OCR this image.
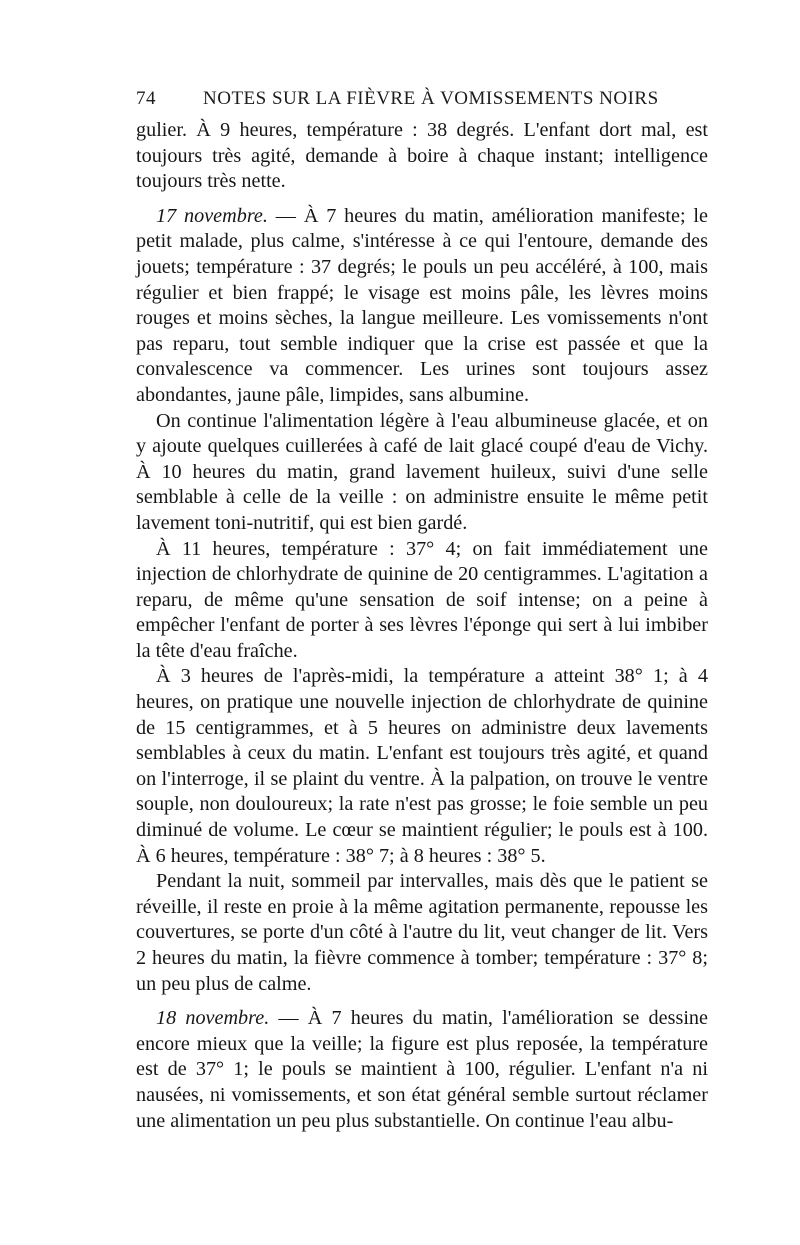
74 NOTES SUR LA FIÈVRE À VOMISSEMENTS NOIRS

gulier. À 9 heures, température : 38 degrés. L'enfant dort mal, est toujours très agité, demande à boire à chaque instant; intelligence toujours très nette.

17 novembre. — À 7 heures du matin, amélioration manifeste; le petit malade, plus calme, s'intéresse à ce qui l'entoure, demande des jouets; température : 37 degrés; le pouls un peu accéléré, à 100, mais régulier et bien frappé; le visage est moins pâle, les lèvres moins rouges et moins sèches, la langue meilleure. Les vomissements n'ont pas reparu, tout semble indiquer que la crise est passée et que la convalescence va commencer. Les urines sont toujours assez abondantes, jaune pâle, limpides, sans albumine.

On continue l'alimentation légère à l'eau albumineuse glacée, et on y ajoute quelques cuillerées à café de lait glacé coupé d'eau de Vichy. À 10 heures du matin, grand lavement huileux, suivi d'une selle semblable à celle de la veille : on administre ensuite le même petit lavement toni-nutritif, qui est bien gardé.

À 11 heures, température : 37° 4; on fait immédiatement une injection de chlorhydrate de quinine de 20 centigrammes. L'agitation a reparu, de même qu'une sensation de soif intense; on a peine à empêcher l'enfant de porter à ses lèvres l'éponge qui sert à lui imbiber la tête d'eau fraîche.

À 3 heures de l'après-midi, la température a atteint 38° 1; à 4 heures, on pratique une nouvelle injection de chlorhydrate de quinine de 15 centigrammes, et à 5 heures on administre deux lavements semblables à ceux du matin. L'enfant est toujours très agité, et quand on l'interroge, il se plaint du ventre. À la palpation, on trouve le ventre souple, non douloureux; la rate n'est pas grosse; le foie semble un peu diminué de volume. Le cœur se maintient régulier; le pouls est à 100. À 6 heures, température : 38° 7; à 8 heures : 38° 5.

Pendant la nuit, sommeil par intervalles, mais dès que le patient se réveille, il reste en proie à la même agitation permanente, repousse les couvertures, se porte d'un côté à l'autre du lit, veut changer de lit. Vers 2 heures du matin, la fièvre commence à tomber; température : 37° 8; un peu plus de calme.

18 novembre. — À 7 heures du matin, l'amélioration se dessine encore mieux que la veille; la figure est plus reposée, la température est de 37° 1; le pouls se maintient à 100, régulier. L'enfant n'a ni nausées, ni vomissements, et son état général semble surtout réclamer une alimentation un peu plus substantielle. On continue l'eau albu-
